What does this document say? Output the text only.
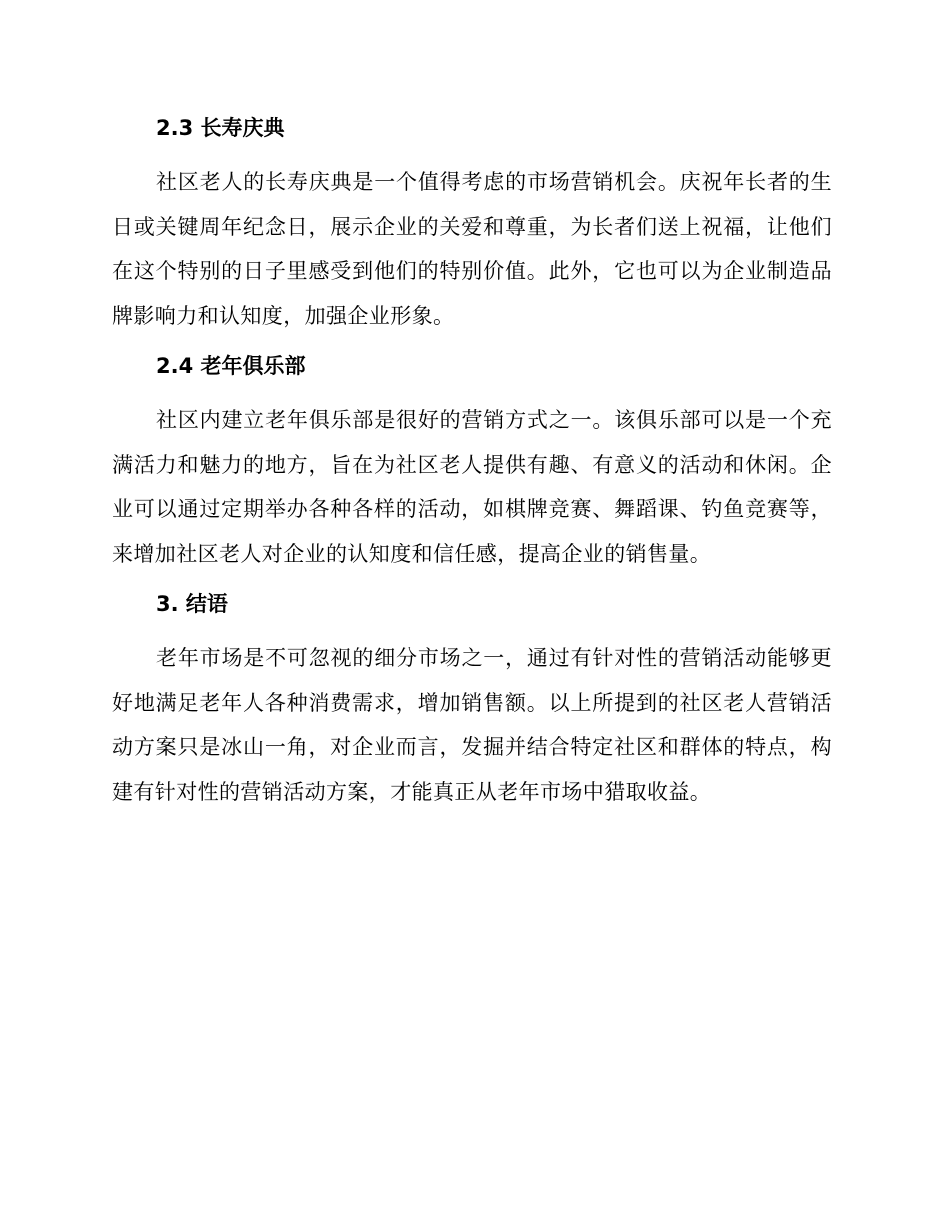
2.3 长寿庆典

社区老人的长寿庆典是一个值得考虑的市场营销机会。庆祝年长者的生日或关键周年纪念日，展示企业的关爱和尊重，为长者们送上祝福，让他们在这个特别的日子里感受到他们的特别价值。此外，它也可以为企业制造品牌影响力和认知度，加强企业形象。

2.4 老年俱乐部

社区内建立老年俱乐部是很好的营销方式之一。该俱乐部可以是一个充满活力和魅力的地方，旨在为社区老人提供有趣、有意义的活动和休闲。企业可以通过定期举办各种各样的活动，如棋牌竞赛、舞蹈课、钓鱼竞赛等，来增加社区老人对企业的认知度和信任感，提高企业的销售量。

3. 结语

老年市场是不可忽视的细分市场之一，通过有针对性的营销活动能够更好地满足老年人各种消费需求，增加销售额。以上所提到的社区老人营销活动方案只是冰山一角，对企业而言，发掘并结合特定社区和群体的特点，构建有针对性的营销活动方案，才能真正从老年市场中猎取收益。
